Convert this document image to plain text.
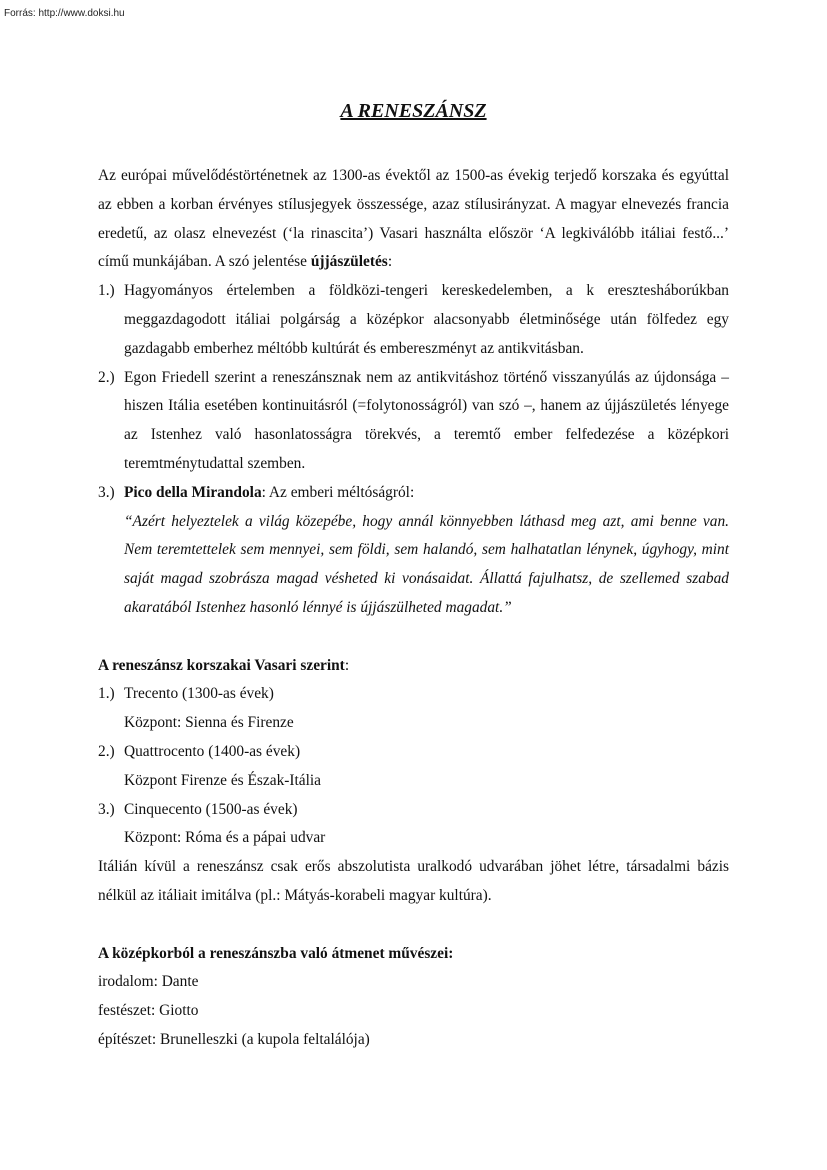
Forrás: http://www.doksi.hu
A RENESZÁNSZ

Az európai művelődéstörténetnek az 1300-as évektől az 1500-as évekig terjedő korszaka és egyúttal az ebben a korban érvényes stílusjegyek összessége, azaz stílusirányzat. A magyar elnevezés francia eredetű, az olasz elnevezést (‘la rinascita’) Vasari használta először ‘A legkiválóbb itáliai festő...’ című munkájában. A szó jelentése újjászületés:

1.) Hagyományos értelemben a földközi-tengeri kereskedelemben, a k eresztesháborúkban meggazdagodott itáliai polgárság a középkor alacsonyabb életminősége után fölfedez egy gazdagabb emberhez méltóbb kultúrát és embereszményt az antikvitásban.
2.) Egon Friedell szerint a reneszánsznak nem az antikvitáshoz történő visszanyúlás az újdonsága – hiszen Itália esetében kontinuitásról (=folytonosságról) van szó –, hanem az újjászületés lényege az Istenhez való hasonlatosságra törekvés, a teremtő ember felfedezése a középkori teremtménytudattal szemben.
3.) Pico della Mirandola: Az emberi méltóságról:

“Azért helyeztelek a világ közepébe, hogy annál könnyebben láthasd meg azt, ami benne van. Nem teremtettelek sem mennyei, sem földi, sem halandó, sem halhatatlan lénynek, úgyhogy, mint saját magad szobrásza magad vésheted ki vonásaidat. Állattá fajulhatsz, de szellemed szabad akaratából Istenhez hasonló lénnyé is újjászülheted magadat.”

A reneszánsz korszakai Vasari szerint:

1.) Trecento (1300-as évek)

Központ: Sienna és Firenze

2.) Quattrocento (1400-as évek)

Központ Firenze és Észak-Itália

3.) Cinquecento (1500-as évek)

Központ: Róma és a pápai udvar

Itálián kívül a reneszánsz csak erős abszolutista uralkodó udvarában jöhet létre, társadalmi bázis nélkül az itáliait imitálva (pl.: Mátyás-korabeli magyar kultúra).

A középkorból a reneszánszba való átmenet művészei:

irodalom: Dante

festészet: Giotto

építészet: Brunelleszki (a kupola feltalálója)
